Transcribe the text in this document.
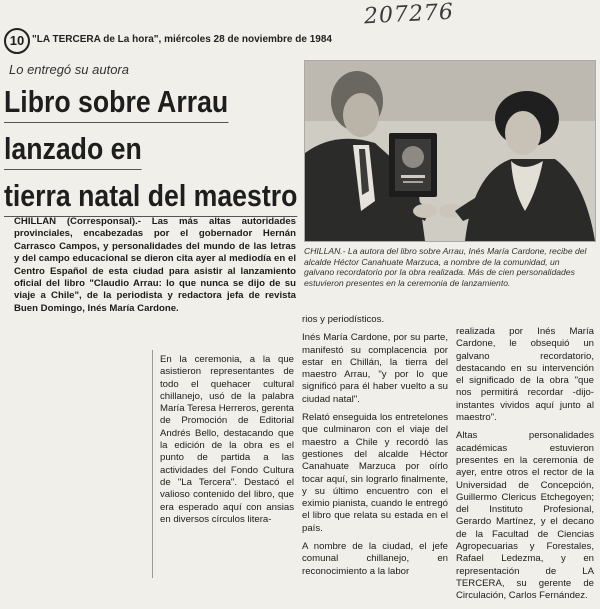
207276
10 "LA TERCERA de La hora", miércoles 28 de noviembre de 1984
Lo entregó su autora
Libro sobre Arrau
lanzado en
tierra natal del maestro
CHILLAN (Corresponsal).- Las más altas autoridades provinciales, encabezadas por el gobernador Hernán Carrasco Campos, y personalidades del mundo de las letras y del campo educacional se dieron cita ayer al mediodía en el Centro Español de esta ciudad para asistir al lanzamiento oficial del libro "Claudio Arrau: lo que nunca se dijo de su viaje a Chile", de la periodista y redactora jefa de revista Buen Domingo, Inés María Cardone.
CHILLAN.- La autora del libro sobre Arrau, Inés María Cardone, recibe del alcalde Héctor Canahuate Marzuca, a nombre de la comunidad, un galvano recordatorio por la obra realizada. Más de cien personalidades estuvieron presentes en la ceremonia de lanzamiento.

En la ceremonia, a la que asistieron representantes de todo el quehacer cultural chillanejo, usó de la palabra María Teresa Herreros, gerenta de Promoción de Editorial Andrés Bello, destacando que la edición de la obra es el punto de partida a las actividades del Fondo Cultura de "La Tercera". Destacó el valioso contenido del libro, que era esperado aquí con ansias en diversos círculos litera-

rios y periodísticos.

Inés María Cardone, por su parte, manifestó su complacencia por estar en Chillán, la tierra del maestro Arrau, "y por lo que significó para él haber vuelto a su ciudad natal".

Relató enseguida los entretelones que culminaron con el viaje del maestro a Chile y recordó las gestiones del alcalde Héctor Canahuate Marzuca por oírlo tocar aquí, sin lograrlo finalmente, y su último encuentro con el eximio pianista, cuando le entregó el libro que relata su estada en el país.

A nombre de la ciudad, el jefe comunal chillanejo, en reconocimiento a la labor

realizada por Inés María Cardone, le obsequió un galvano recordatorio, destacando en su intervención el significado de la obra "que nos permitirá recordar -dijo- instantes vividos aquí junto al maestro".

Altas personalidades académicas estuvieron presentes en la ceremonia de ayer, entre otros el rector de la Universidad de Concepción, Guillermo Clericus Etchegoyen; del Instituto Profesional, Gerardo Martínez, y el decano de la Facultad de Ciencias Agropecuarias y Forestales, Rafael Ledezma, y en representación de LA TERCERA, su gerente de Circulación, Carlos Fernández.
